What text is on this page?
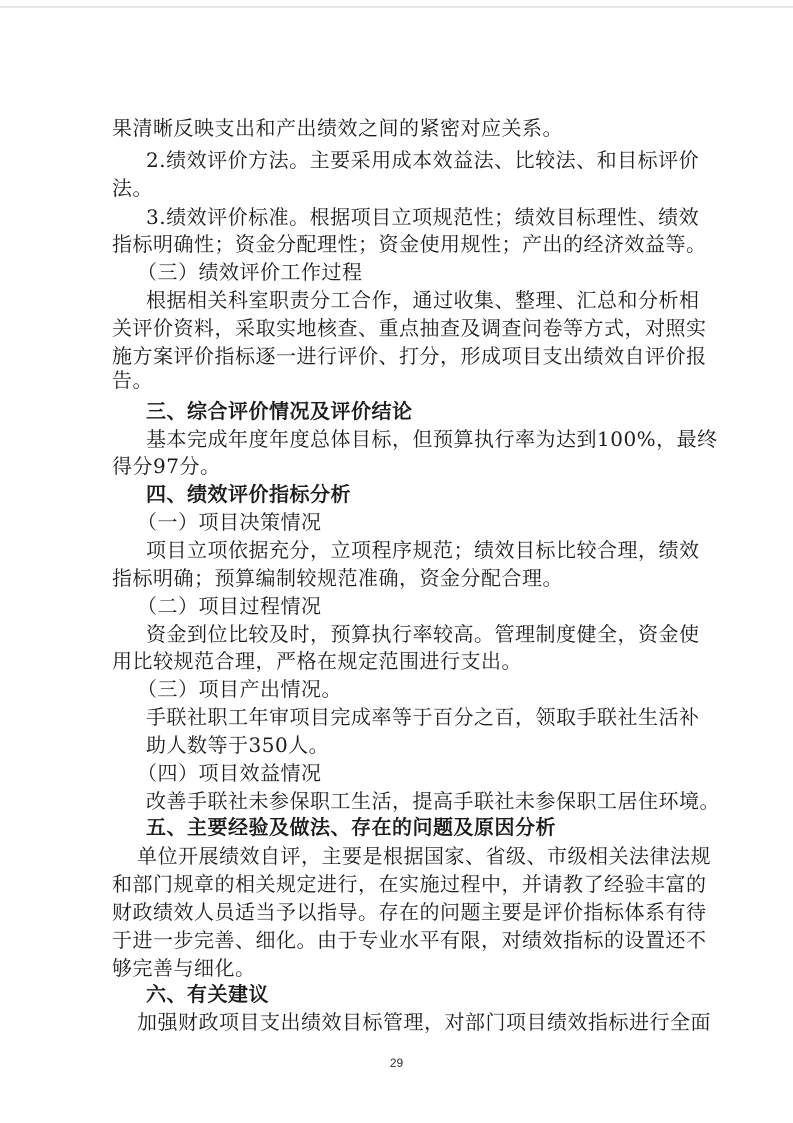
果清晰反映支出和产出绩效之间的紧密对应关系。
2.绩效评价方法。主要采用成本效益法、比较法、和目标评价
法。
3.绩效评价标准。根据项目立项规范性；绩效目标理性、绩效
指标明确性；资金分配理性；资金使用规性；产出的经济效益等。
（三）绩效评价工作过程
根据相关科室职责分工合作，通过收集、整理、汇总和分析相
关评价资料，采取实地核查、重点抽查及调查问卷等方式，对照实
施方案评价指标逐一进行评价、打分，形成项目支出绩效自评价报
告。
三、综合评价情况及评价结论
基本完成年度年度总体目标，但预算执行率为达到100%，最终
得分97分。
四、绩效评价指标分析
（一）项目决策情况
项目立项依据充分，立项程序规范；绩效目标比较合理，绩效
指标明确；预算编制较规范准确，资金分配合理。
（二）项目过程情况
资金到位比较及时，预算执行率较高。管理制度健全，资金使
用比较规范合理，严格在规定范围进行支出。
（三）项目产出情况。
手联社职工年审项目完成率等于百分之百，领取手联社生活补
助人数等于350人。
（四）项目效益情况
改善手联社未参保职工生活，提高手联社未参保职工居住环境。
五、主要经验及做法、存在的问题及原因分析
单位开展绩效自评，主要是根据国家、省级、市级相关法律法规
和部门规章的相关规定进行，在实施过程中，并请教了经验丰富的
财政绩效人员适当予以指导。存在的问题主要是评价指标体系有待
于进一步完善、细化。由于专业水平有限，对绩效指标的设置还不
够完善与细化。
六、有关建议
加强财政项目支出绩效目标管理，对部门项目绩效指标进行全面
29
